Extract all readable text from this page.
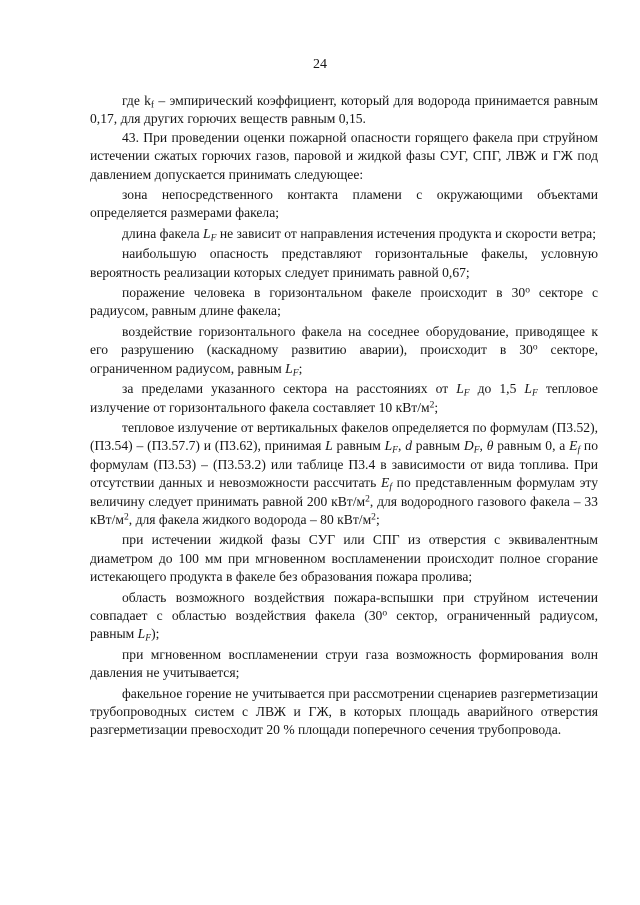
24

где $k_f$ – эмпирический коэффициент, который для водорода принимается равным 0,17, для других горючих веществ равным 0,15.

43. При проведении оценки пожарной опасности горящего факела при струйном истечении сжатых горючих газов, паровой и жидкой фазы СУГ, СПГ, ЛВЖ и ГЖ под давлением допускается принимать следующее:

зона непосредственного контакта пламени с окружающими объектами определяется размерами факела;

длина факела $L_F$ не зависит от направления истечения продукта и скорости ветра;

наибольшую опасность представляют горизонтальные факелы, условную вероятность реализации которых следует принимать равной 0,67;

поражение человека в горизонтальном факеле происходит в $30^о$ секторе с радиусом, равным длине факела;

воздействие горизонтального факела на соседнее оборудование, приводящее к его разрушению (каскадному развитию аварии), происходит в $30^о$ секторе, ограниченном радиусом, равным $L_F$;

за пределами указанного сектора на расстояниях от $L_F$ до 1,5 $L_F$ тепловое излучение от горизонтального факела составляет 10 кВт/$м^2$;

тепловое излучение от вертикальных факелов определяется по формулам (П3.52), (П3.54) – (П3.57.7) и (П3.62), принимая L равным $L_F$, d равным $D_F$, θ равным 0, а $E_f$ по формулам (П3.53) – (П3.53.2) или таблице П3.4 в зависимости от вида топлива. При отсутствии данных и невозможности рассчитать $E_f$ по представленным формулам эту величину следует принимать равной 200 кВт/$м^2$, для водородного газового факела – 33 кВт/$м^2$, для факела жидкого водорода – 80 кВт/$м^2$;

при истечении жидкой фазы СУГ или СПГ из отверстия с эквивалентным диаметром до 100 мм при мгновенном воспламенении происходит полное сгорание истекающего продукта в факеле без образования пожара пролива;

область возможного воздействия пожара-вспышки при струйном истечении совпадает с областью воздействия факела ($30^о$ сектор, ограниченный радиусом, равным $L_F$);

при мгновенном воспламенении струи газа возможность формирования волн давления не учитывается;

факельное горение не учитывается при рассмотрении сценариев разгерметизации трубопроводных систем с ЛВЖ и ГЖ, в которых площадь аварийного отверстия разгерметизации превосходит 20 % площади поперечного сечения трубопровода.
